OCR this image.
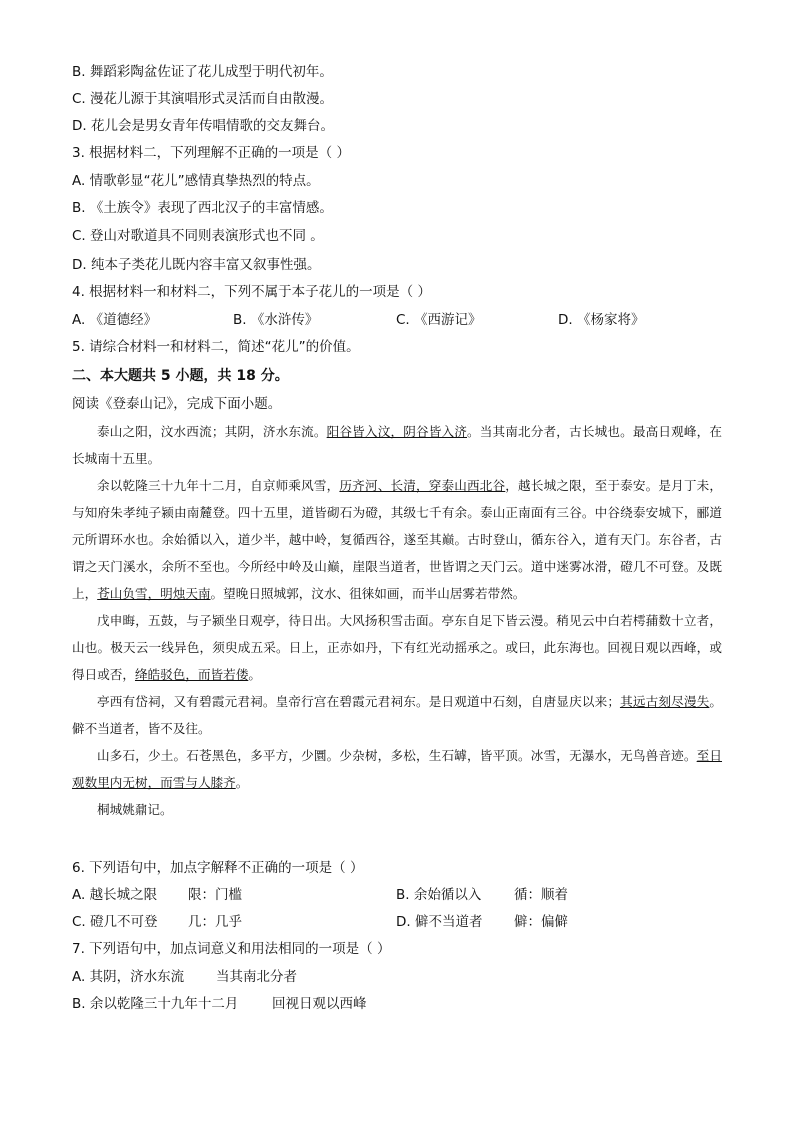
B. 舞蹈彩陶盆佐证了花儿成型于明代初年。
C. 漫花儿源于其演唱形式灵活而自由散漫。
D. 花儿会是男女青年传唱情歌的交友舞台。
3. 根据材料二，下列理解不正确的一项是（ ）
A. 情歌彰显“花儿”感情真挚热烈的特点。
B. 《土族令》表现了西北汉子的丰富情感。
C. 登山对歌道具不同则表演形式也不同 。
D. 纯本子类花儿既内容丰富又叙事性强。
4. 根据材料一和材料二，下列不属于本子花儿的一项是（ ）
A. 《道德经》	B. 《水浒传》	C. 《西游记》	D. 《杨家将》
5. 请综合材料一和材料二，简述“花儿”的价值。
二、本大题共 5 小题，共 18 分。
阅读《登泰山记》，完成下面小题。

泰山之阳，汶水西流；其阴，济水东流。阳谷皆入汶，阴谷皆入济。当其南北分者，古长城也。最高日观峰，在长城南十五里。

余以乾隆三十九年十二月，自京师乘风雪，历齐河、长清，穿泰山西北谷，越长城之限，至于泰安。是月丁未，与知府朱孝纯子颍由南麓登。四十五里，道皆砌石为磴，其级七千有余。泰山正南面有三谷。中谷绕泰安城下，郦道元所谓环水也。余始循以入，道少半，越中岭，复循西谷，遂至其巅。古时登山，循东谷入，道有天门。东谷者，古谓之天门溪水，余所不至也。今所经中岭及山巅，崖限当道者，世皆谓之天门云。道中迷雾冰滑，磴几不可登。及既上，苍山负雪，明烛天南。望晚日照城郭，汶水、徂徕如画，而半山居雾若带然。

戊申晦，五鼓，与子颍坐日观亭，待日出。大风扬积雪击面。亭东自足下皆云漫。稍见云中白若樗蒱数十立者，山也。极天云一线异色，须臾成五采。日上，正赤如丹，下有红光动摇承之。或曰，此东海也。回视日观以西峰，或得日或否，绛皓驳色，而皆若偻。

亭西有岱祠，又有碧霞元君祠。皇帝行宫在碧霞元君祠东。是日观道中石刻，自唐显庆以来；其远古刻尽漫失。僻不当道者，皆不及往。

山多石，少土。石苍黑色，多平方，少圜。少杂树，多松，生石罅，皆平顶。冰雪，无瀑水，无鸟兽音迹。至日观数里内无树，而雪与人膝齐。

桐城姚鼐记。

6. 下列语句中，加点字解释不正确的一项是（ ）
A. 越长城之限 限：门槛	B. 余始循以入 循：顺着
C. 磴几不可登 几：几乎	D. 僻不当道者 僻：偏僻
7. 下列语句中，加点词意义和用法相同的一项是（ ）
A. 其阴，济水东流 当其南北分者
B. 余以乾隆三十九年十二月 回视日观以西峰
